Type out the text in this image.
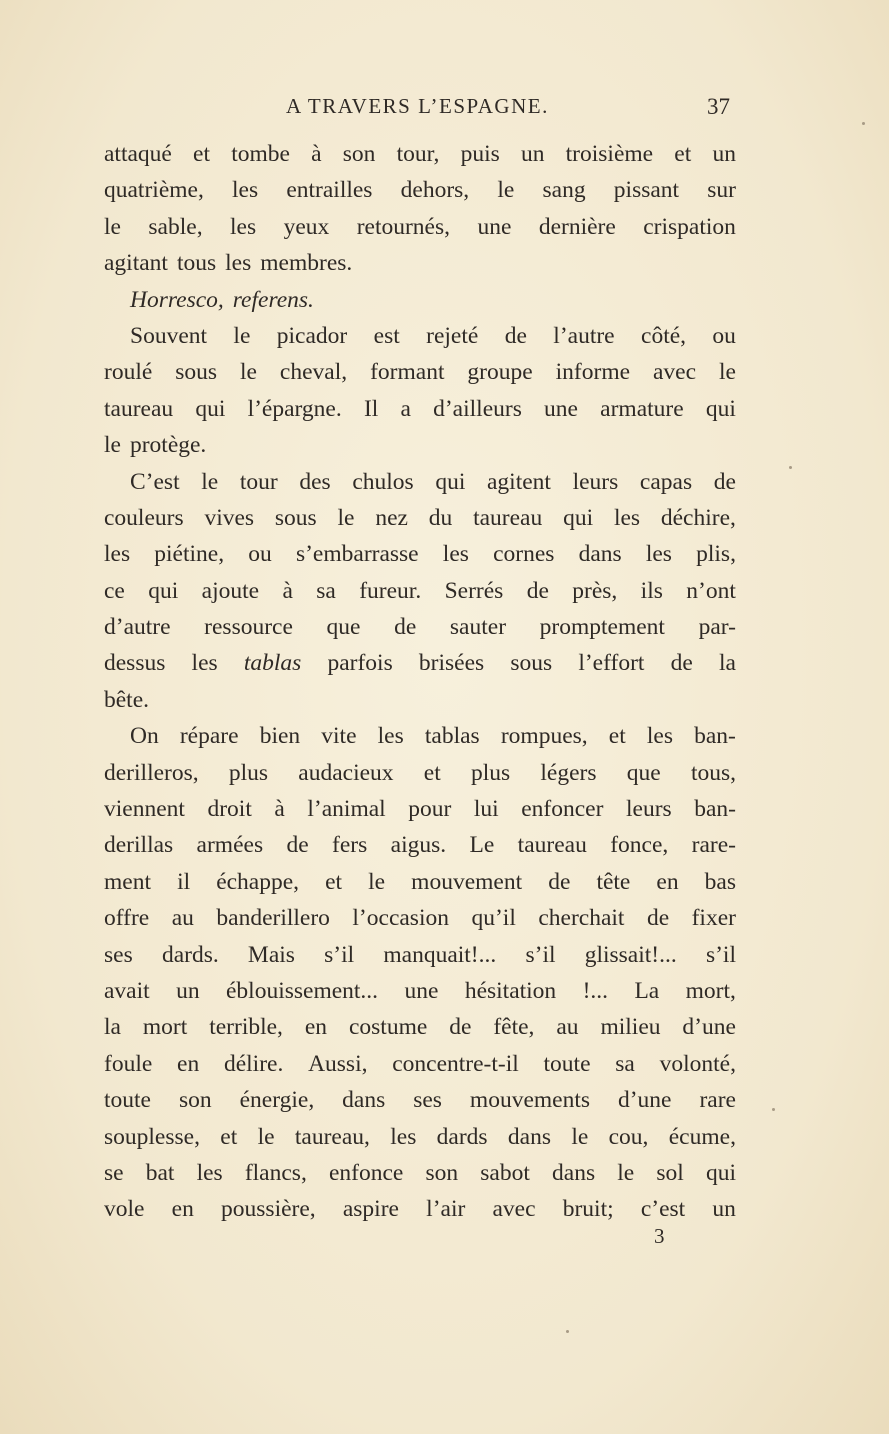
A TRAVERS L’ESPAGNE.	37
attaqué et tombe à son tour, puis un troisième et un
quatrième, les entrailles dehors, le sang pissant sur
le sable, les yeux retournés, une dernière crispation
agitant tous les membres.
Horresco, referens.
Souvent le picador est rejeté de l’autre côté, ou
roulé sous le cheval, formant groupe informe avec le
taureau qui l’épargne. Il a d’ailleurs une armature qui
le protège.
C’est le tour des chulos qui agitent leurs capas de
couleurs vives sous le nez du taureau qui les déchire,
les piétine, ou s’embarrasse les cornes dans les plis,
ce qui ajoute à sa fureur. Serrés de près, ils n’ont
d’autre ressource que de sauter promptement par-
dessus les tablas parfois brisées sous l’effort de la
bête.
On répare bien vite les tablas rompues, et les ban-
derilleros, plus audacieux et plus légers que tous,
viennent droit à l’animal pour lui enfoncer leurs ban-
derillas armées de fers aigus. Le taureau fonce, rare-
ment il échappe, et le mouvement de tête en bas
offre au banderillero l’occasion qu’il cherchait de fixer
ses dards. Mais s’il manquait!... s’il glissait!... s’il
avait un éblouissement... une hésitation !... La mort,
la mort terrible, en costume de fête, au milieu d’une
foule en délire. Aussi, concentre-t-il toute sa volonté,
toute son énergie, dans ses mouvements d’une rare
souplesse, et le taureau, les dards dans le cou, écume,
se bat les flancs, enfonce son sabot dans le sol qui
vole en poussière, aspire l’air avec bruit; c’est un
3
